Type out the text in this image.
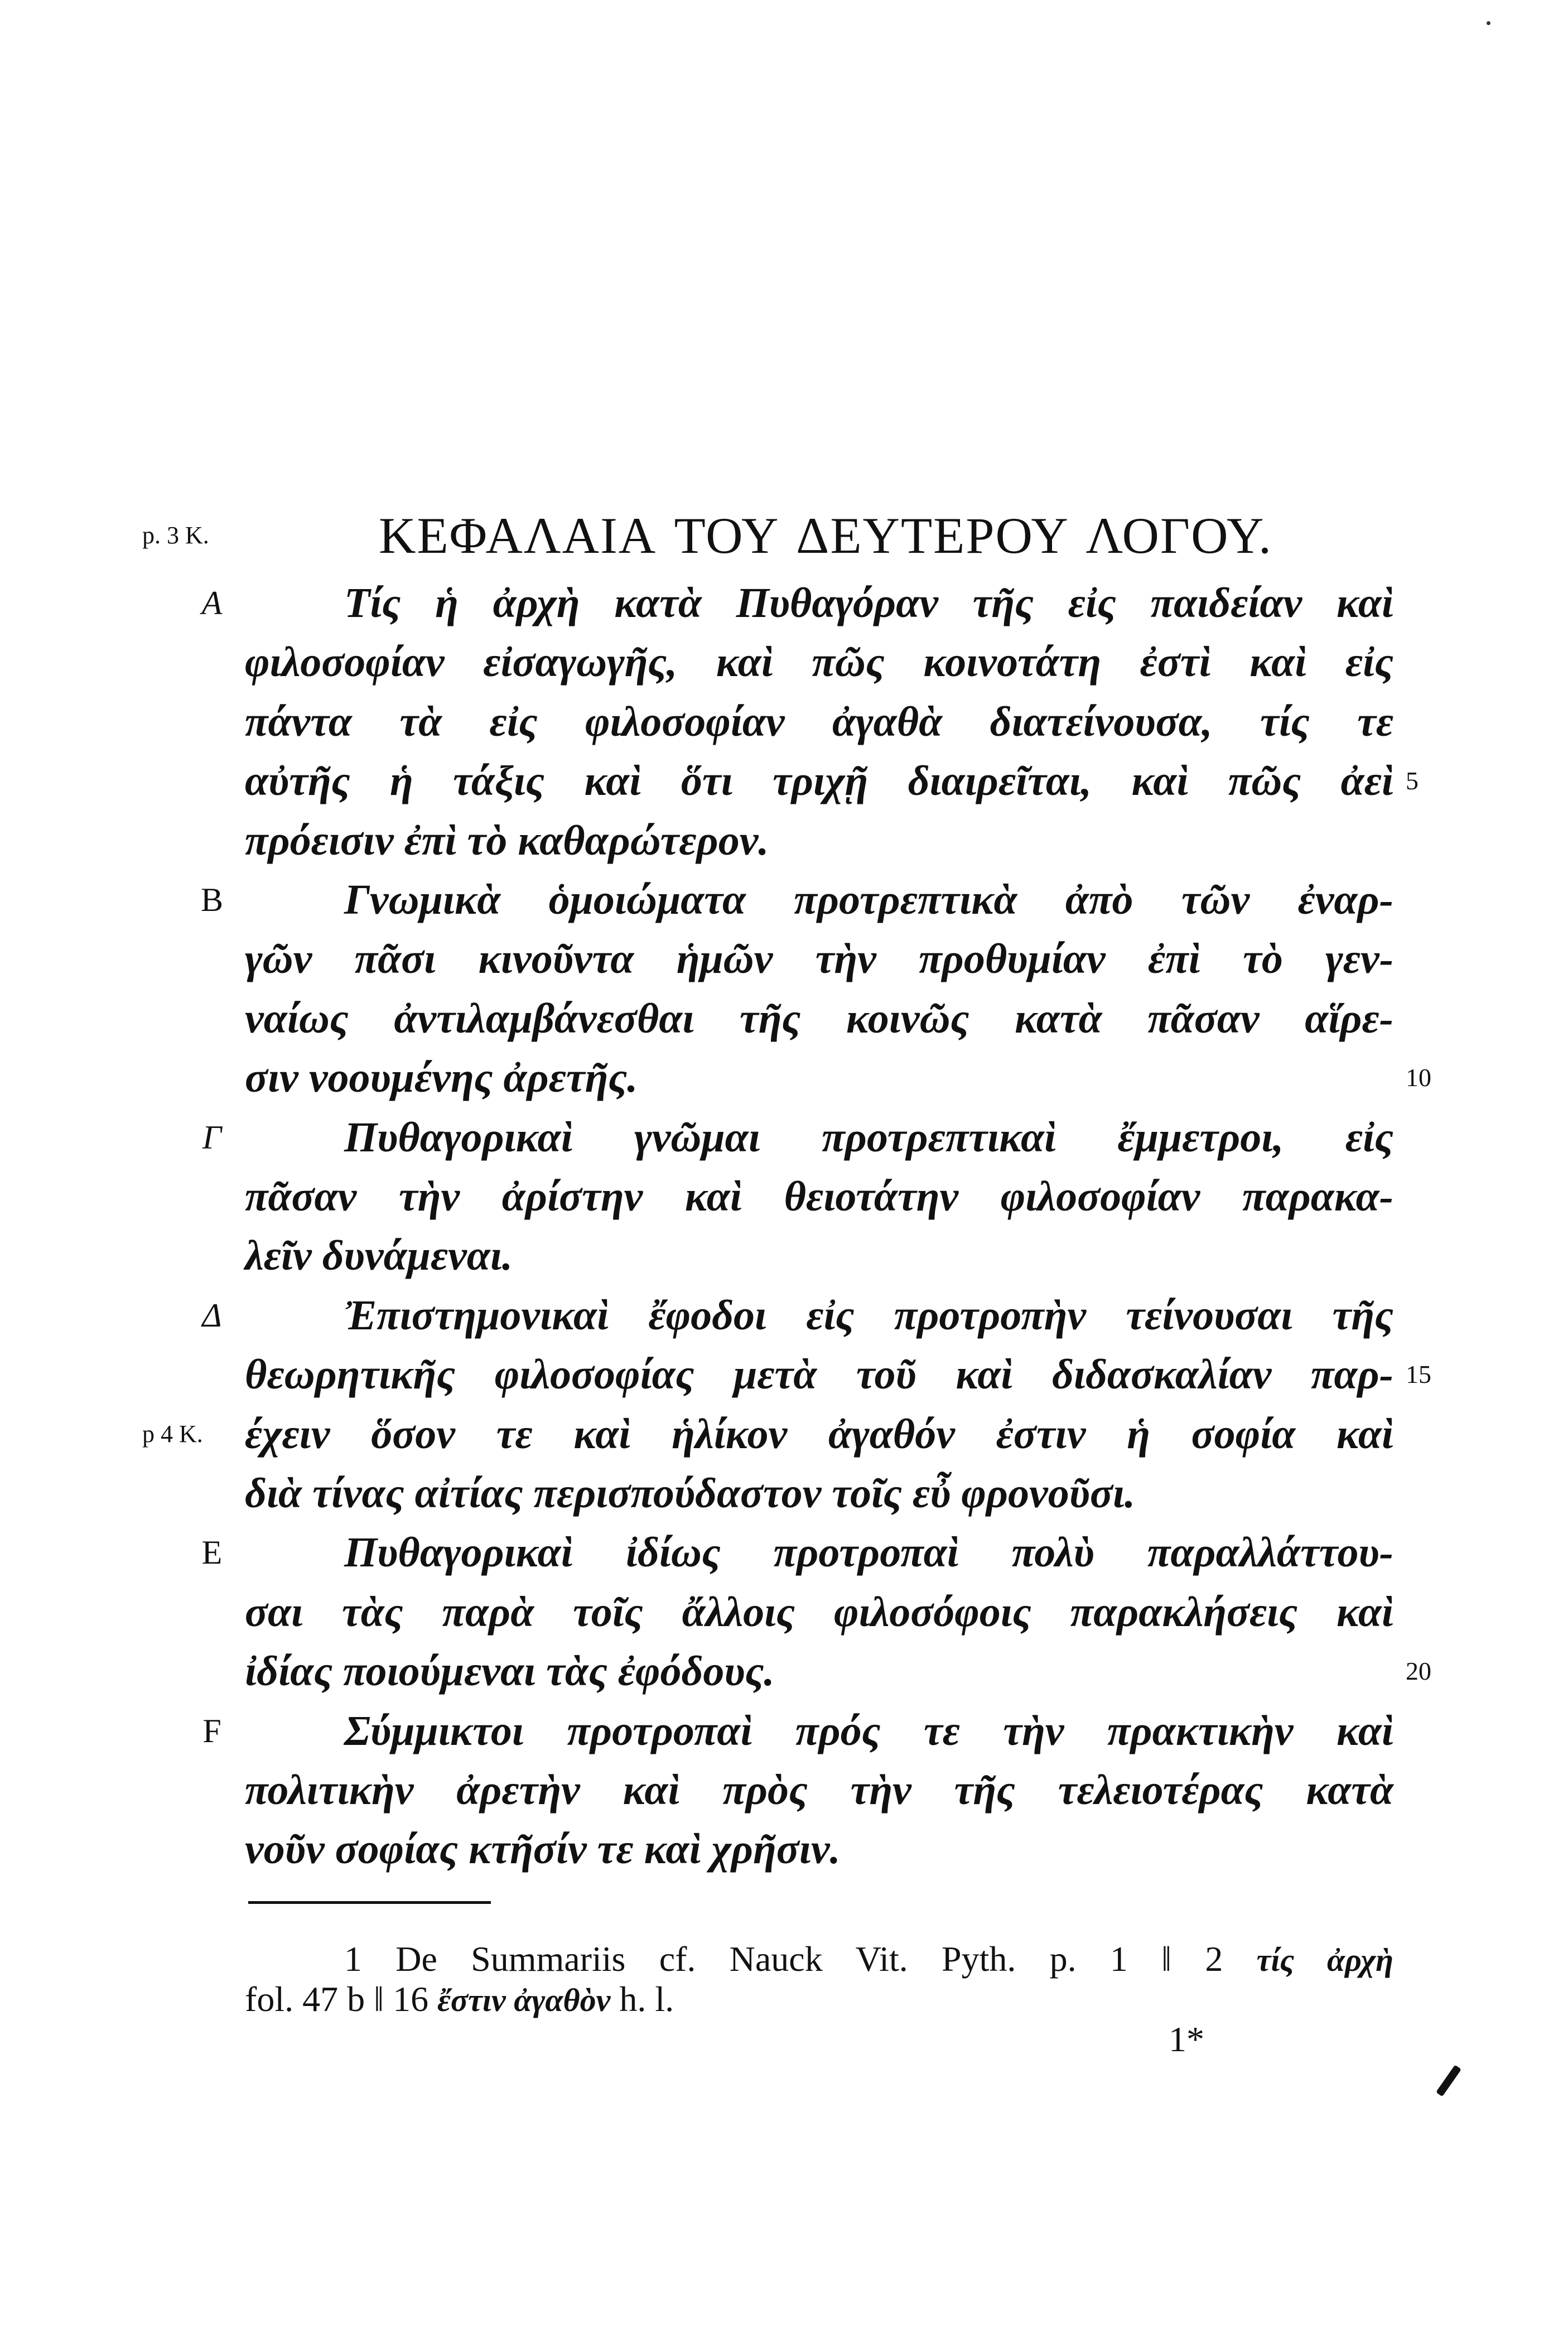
p. 3 K.	ΚΕΦΑΛΑΙΑ ΤΟΥ ΔΕΥΤΕΡΟΥ ΛΟΓΟΥ.
A	Τίς ἡ ἀρχὴ κατὰ Πυθαγόραν τῆς εἰς παιδείαν καὶ
φιλοσοφίαν εἰσαγωγῆς, καὶ πῶς κοινοτάτη ἐστὶ καὶ εἰς
πάντα τὰ εἰς φιλοσοφίαν ἀγαθὰ διατείνουσα, τίς τε
αὐτῆς ἡ τάξις καὶ ὅτι τριχῇ διαιρεῖται, καὶ πῶς ἀεὶ 5
πρόεισιν ἐπὶ τὸ καθαρώτερον.
B	Γνωμικὰ ὁμοιώματα προτρεπτικὰ ἀπὸ τῶν ἐναρ-
γῶν πᾶσι κινοῦντα ἡμῶν τὴν προθυμίαν ἐπὶ τὸ γεν-
ναίως ἀντιλαμβάνεσθαι τῆς κοινῶς κατὰ πᾶσαν αἵρε-
σιν νοουμένης ἀρετῆς.	10
Γ	Πυθαγορικαὶ γνῶμαι προτρεπτικαὶ ἔμμετροι, εἰς
πᾶσαν τὴν ἀρίστην καὶ θειοτάτην φιλοσοφίαν παρακα-
λεῖν δυνάμεναι.
Δ	Ἐπιστημονικαὶ ἔφοδοι εἰς προτροπὴν τείνουσαι τῆς
θεωρητικῆς φιλοσοφίας μετὰ τοῦ καὶ διδασκαλίαν παρ- 15
έχειν ὅσον τε καὶ ἡλίκον ἀγαθόν ἐστιν ἡ σοφία καὶ
p 4 K.
διὰ τίνας αἰτίας περισπούδαστον τοῖς εὖ φρονοῦσι.
E	Πυθαγορικαὶ ἰδίως προτροπαὶ πολὺ παραλλάττου-
σαι τὰς παρὰ τοῖς ἄλλοις φιλοσόφοις παρακλήσεις καὶ
ἰδίας ποιούμεναι τὰς ἐφόδους.	20
F	Σύμμικτοι προτροπαὶ πρός τε τὴν πρακτικὴν καὶ
πολιτικὴν ἀρετὴν καὶ πρὸς τὴν τῆς τελειοτέρας κατὰ
νοῦν σοφίας κτῆσίν τε καὶ χρῆσιν.
1 De Summariis cf. Nauck Vit. Pyth. p. 1 ‖ 2 τίς ἀρχὴ
fol. 47 b ‖ 16 ἔστιν ἀγαθὸν h. l.
1*
